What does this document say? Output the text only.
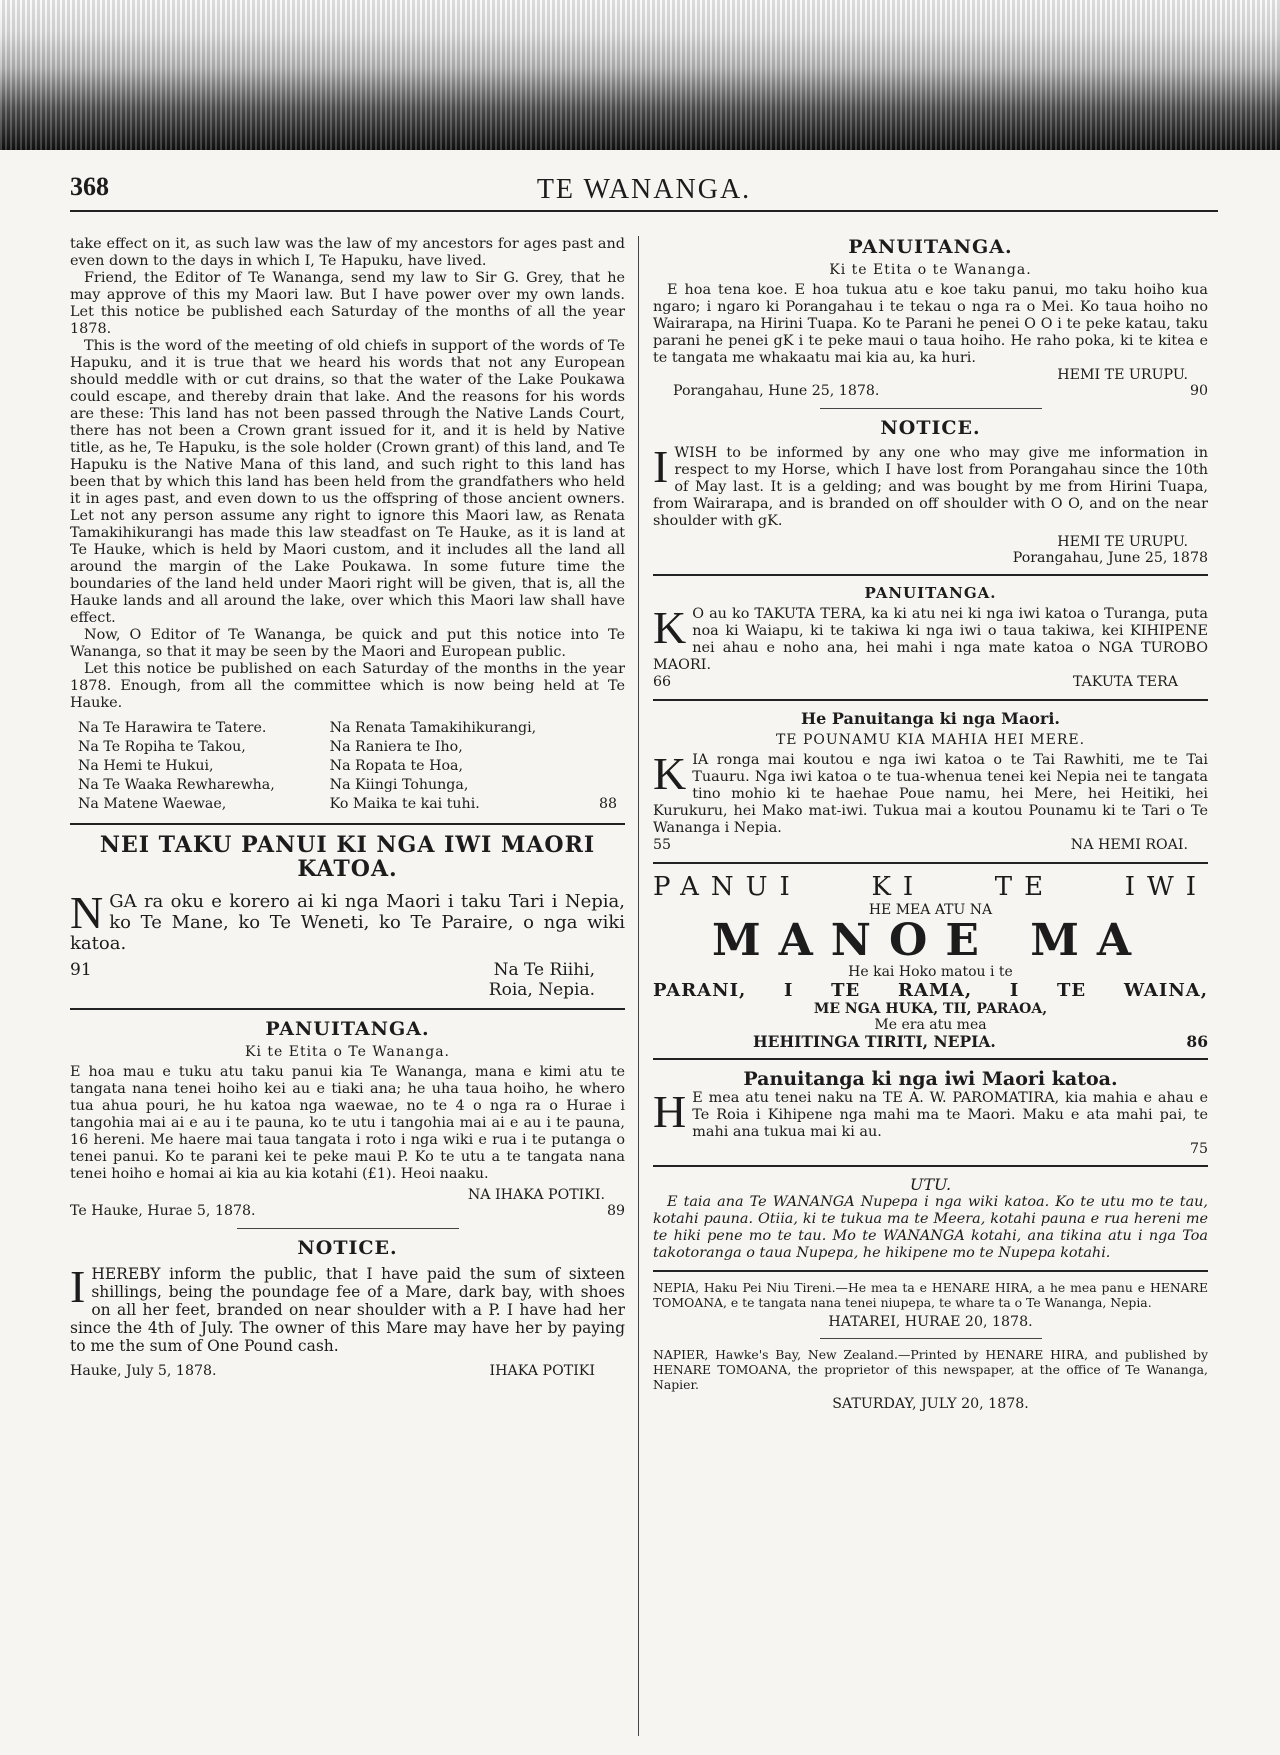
368	TE WANANGA.

take effect on it, as such law was the law of my ancestors for ages past and even down to the days in which I, Te Hapuku, have lived.

Friend, the Editor of Te Wananga, send my law to Sir G. Grey, that he may approve of this my Maori law. But I have power over my own lands. Let this notice be published each Saturday of the months of all the year 1878.

This is the word of the meeting of old chiefs in support of the words of Te Hapuku, and it is true that we heard his words that not any European should meddle with or cut drains, so that the water of the Lake Poukawa could escape, and thereby drain that lake. And the reasons for his words are these: This land has not been passed through the Native Lands Court, there has not been a Crown grant issued for it, and it is held by Native title, as he, Te Hapuku, is the sole holder (Crown grant) of this land, and Te Hapuku is the Native Mana of this land, and such right to this land has been that by which this land has been held from the grandfathers who held it in ages past, and even down to us the offspring of those ancient owners. Let not any person assume any right to ignore this Maori law, as Renata Tamakihikurangi has made this law steadfast on Te Hauke, as it is land at Te Hauke, which is held by Maori custom, and it includes all the land all around the margin of the Lake Poukawa. In some future time the boundaries of the land held under Maori right will be given, that is, all the Hauke lands and all around the lake, over which this Maori law shall have effect.

Now, O Editor of Te Wananga, be quick and put this notice into Te Wananga, so that it may be seen by the Maori and European public.

Let this notice be published on each Saturday of the months in the year 1878. Enough, from all the committee which is now being held at Te Hauke.

Na Te Harawira te Tatere.	Na Renata Tamakihikurangi,	
Na Te Ropiha te Takou,	Na Raniera te Iho,	
Na Hemi te Hukui,	Na Ropata te Hoa,	
Na Te Waaka Rewharewha,	Na Kiingi Tohunga,	
Na Matene Waewae,	Ko Maika te kai tuhi.	88
NEI TAKU PANUI KI NGA IWI MAORI KATOA.

NGA ra oku e korero ai ki nga Maori i taku Tari i Nepia, ko Te Mane, ko Te Weneti, ko Te Paraire, o nga wiki katoa.

91	Na Te Riihi,
Roia, Nepia.
PANUITANGA.
Ki te Etita o Te Wananga.

E hoa mau e tuku atu taku panui kia Te Wananga, mana e kimi atu te tangata nana tenei hoiho kei au e tiaki ana; he uha taua hoiho, he whero tua ahua pouri, he hu katoa nga waewae, no te 4 o nga ra o Hurae i tangohia mai ai e au i te pauna, ko te utu i tangohia mai ai e au i te pauna, 16 hereni. Me haere mai taua tangata i roto i nga wiki e rua i te putanga o tenei panui. Ko te parani kei te peke maui P. Ko te utu a te tangata nana tenei hoiho e homai ai kia au kia kotahi (£1). Heoi naaku.

NA IHAKA POTIKI.
Te Hauke, Hurae 5, 1878.	89
NOTICE.

IHEREBY inform the public, that I have paid the sum of sixteen shillings, being the poundage fee of a Mare, dark bay, with shoes on all her feet, branded on near shoulder with a P. I have had her since the 4th of July. The owner of this Mare may have her by paying to me the sum of One Pound cash.

Hauke, July 5, 1878.	IHAKA POTIKI
PANUITANGA.
Ki te Etita o te Wananga.

E hoa tena koe. E hoa tukua atu e koe taku panui, mo taku hoiho kua ngaro; i ngaro ki Porangahau i te tekau o nga ra o Mei. Ko taua hoiho no Wairarapa, na Hirini Tuapa. Ko te Parani he penei O O i te peke katau, taku parani he penei gK i te peke maui o taua hoiho. He raho poka, ki te kitea e te tangata me whakaatu mai kia au, ka huri.

HEMI TE URUPU.
Porangahau, Hune 25, 1878.	90
NOTICE.

IWISH to be informed by any one who may give me information in respect to my Horse, which I have lost from Porangahau since the 10th of May last. It is a gelding; and was bought by me from Hirini Tuapa, from Wairarapa, and is branded on off shoulder with O O, and on the near shoulder with gK.

HEMI TE URUPU.
Porangahau, June 25, 1878
PANUITANGA.

K O au ko TAKUTA TERA, ka ki atu nei ki nga iwi katoa o Turanga, puta noa ki Waiapu, ki te takiwa ki nga iwi o taua takiwa, kei KIHIPENE nei ahau e noho ana, hei mahi i nga mate katoa o NGA TUROBO MAORI.

66	TAKUTA TERA
He Panuitanga ki nga Maori.
TE POUNAMU KIA MAHIA HEI MERE.

KIA ronga mai koutou e nga iwi katoa o te Tai Rawhiti, me te Tai Tuauru. Nga iwi katoa o te tua-whenua tenei kei Nepia nei te tangata tino mohio ki te haehae Poue namu, hei Mere, hei Heitiki, hei Kurukuru, hei Mako mat-iwi. Tukua mai a koutou Pounamu ki te Tari o Te Wananga i Nepia.

55	NA HEMI ROAI.
PANUI KI TE IWI
HE MEA ATU NA
MANOE MA
He kai Hoko matou i te
PARANI, I TE RAMA, I TE WAINA,
ME NGA HUKA, TII, PARAOA,
Me era atu mea
HEHITINGA TIRITI, NEPIA.	86
Panuitanga ki nga iwi Maori katoa.

H E mea atu tenei naku na TE A. W. PAROMATIRA, kia mahia e ahau e Te Roia i Kihipene nga mahi ma te Maori. Maku e ata mahi pai, te mahi ana tukua mai ki au.

75
UTU.

E taia ana Te WANANGA Nupepa i nga wiki katoa. Ko te utu mo te tau, kotahi pauna. Otiia, ki te tukua ma te Meera, kotahi pauna e rua hereni me te hiki pene mo te tau. Mo te WANANGA kotahi, ana tikina atu i nga Toa takotoranga o taua Nupepa, he hikipene mo te Nupepa kotahi.

NEPIA, Haku Pei Niu Tireni.—He mea ta e HENARE HIRA, a he mea panu e HENARE TOMOANA, e te tangata nana tenei niupepa, te whare ta o Te Wananga, Nepia.

HATAREI, HURAE 20, 1878.

NAPIER, Hawke's Bay, New Zealand.—Printed by HENARE HIRA, and published by HENARE TOMOANA, the proprietor of this newspaper, at the office of Te Wananga, Napier.

SATURDAY, JULY 20, 1878.
